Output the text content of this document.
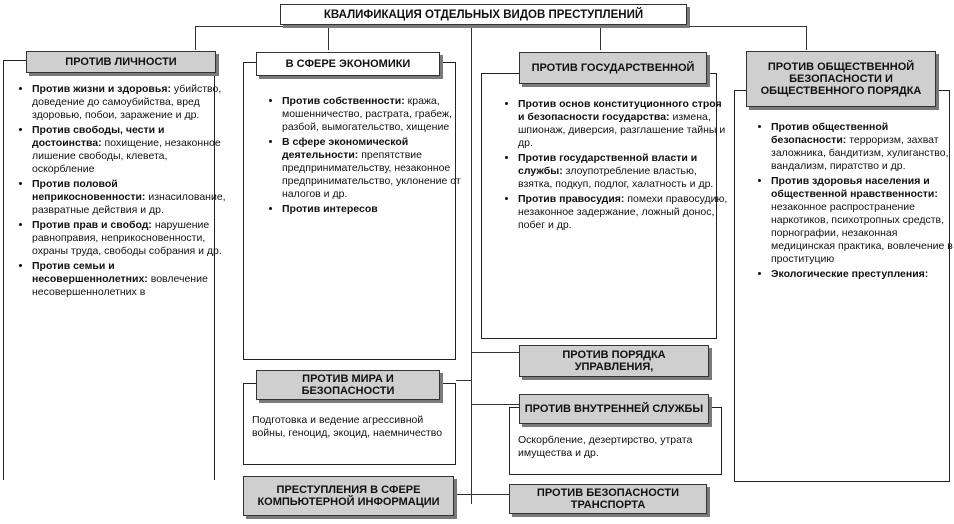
КВАЛИФИКАЦИЯ ОТДЕЛЬНЫХ ВИДОВ ПРЕСТУПЛЕНИЙ
• Против жизни и здоровья: убийство, доведение до самоубийства, вред здоровью, побои, заражение и др.
• Против свободы, чести и достоинства: похищение, незаконное лишение свободы, клевета, оскорбление
• Против половой неприкосновенности: изнасилование, развратные действия и др.
• Против прав и свобод: нарушение равноправия, неприкосновенности, охраны труда, свободы собрания и др.
• Против семьи и несовершеннолетних: вовлечение несовершеннолетних в
ПРОТИВ ЛИЧНОСТИ
• Против собственности: кража, мошенничество, растрата, грабеж, разбой, вымогательство, хищение
• В сфере экономической деятельности: препятствие предпринимательству, незаконное предпринимательство, уклонение от налогов и др.
• Против интересов
В СФЕРЕ ЭКОНОМИКИ
Подготовка и ведение агрессивной войны, геноцид, экоцид, наемничество
ПРОТИВ МИРА И БЕЗОПАСНОСТИ
ПРЕСТУПЛЕНИЯ В СФЕРЕ КОМПЬЮТЕРНОЙ ИНФОРМАЦИИ
• Против основ конституционного строя и безопасности государства: измена, шпионаж, диверсия, разглашение тайны и др.
• Против государственной власти и службы: злоупотребление властью, взятка, подкуп, подлог, халатность и др.
• Против правосудия: помехи правосудию, незаконное задержание, ложный донос, побег и др.
ПРОТИВ ГОСУДАРСТВЕННОЙ
ПРОТИВ ПОРЯДКА УПРАВЛЕНИЯ,
Оскорбление, дезертирство, утрата имущества и др.
ПРОТИВ ВНУТРЕННЕЙ СЛУЖБЫ
ПРОТИВ БЕЗОПАСНОСТИ ТРАНСПОРТА
• Против общественной безопасности: терроризм, захват заложника, бандитизм, хулиганство, вандализм, пиратство и др.
• Против здоровья населения и общественной нравственности: незаконное распространение наркотиков, психотропных средств, порнографии, незаконная медицинская практика, вовлечение в проституцию
• Экологические преступления:
ПРОТИВ ОБЩЕСТВЕННОЙ БЕЗОПАСНОСТИ И ОБЩЕСТВЕННОГО ПОРЯДКА
